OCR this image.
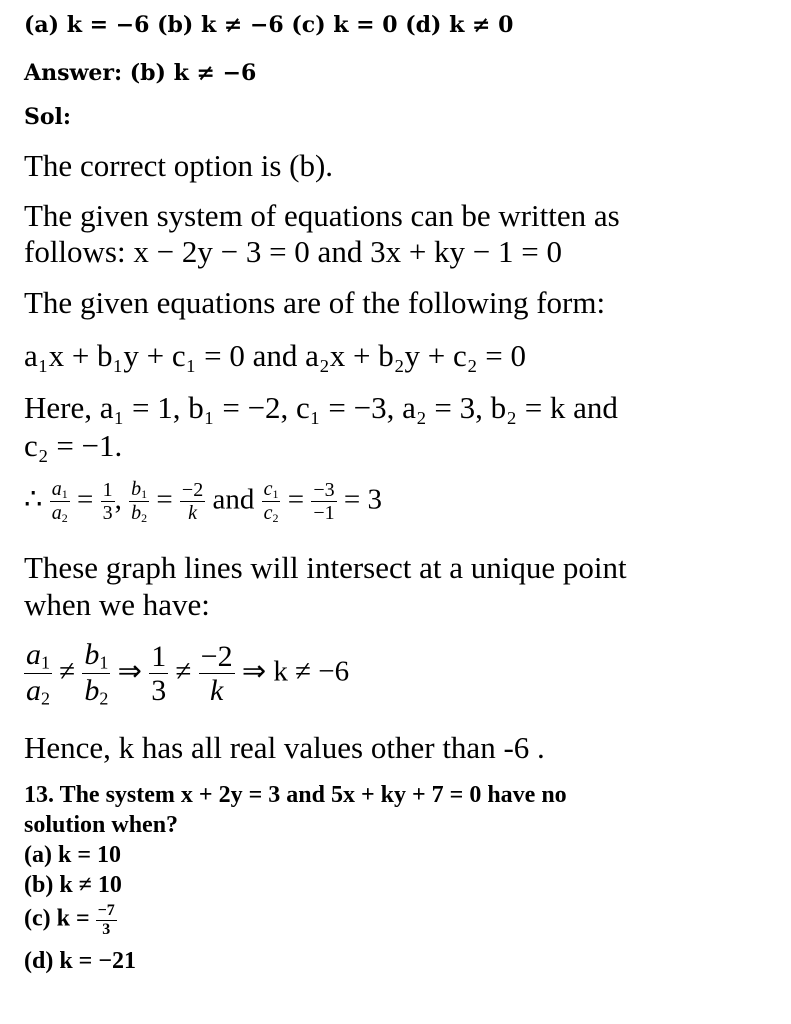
(a) k = −6 (b) k ≠ −6 (c) k = 0 (d) k ≠ 0
Answer: (b) k ≠ −6
Sol:
The correct option is (b).
The given system of equations can be written as
follows: x − 2y − 3 = 0 and 3x + ky − 1 = 0
The given equations are of the following form:
a₁x + b₁y + c₁ = 0 and a₂x + b₂y + c₂ = 0
Here, a₁ = 1, b₁ = −2, c₁ = −3, a₂ = 3, b₂ = k and
c₂ = −1.
∴ $\frac{a_1}{a_2} = \frac{1}{3}$ , $\frac{b_1}{b_2} = \frac{-2}{k}$ and $\frac{c_1}{c_2} = \frac{-3}{-1} = 3$
These graph lines will intersect at a unique point
when we have:
$\frac{a_1}{a_2} \ne \frac{b_1}{b_2}$ ⇒ $\frac{1}{3} \ne \frac{-2}{k}$ ⇒ k ≠ −6
Hence, k has all real values other than -6 .
13. The system x + 2y = 3 and 5x + ky + 7 = 0 have no
solution when?
(a) k = 10
(b) k ≠ 10
(c) $k = \frac{-7}{3}$
(d) k = −21
